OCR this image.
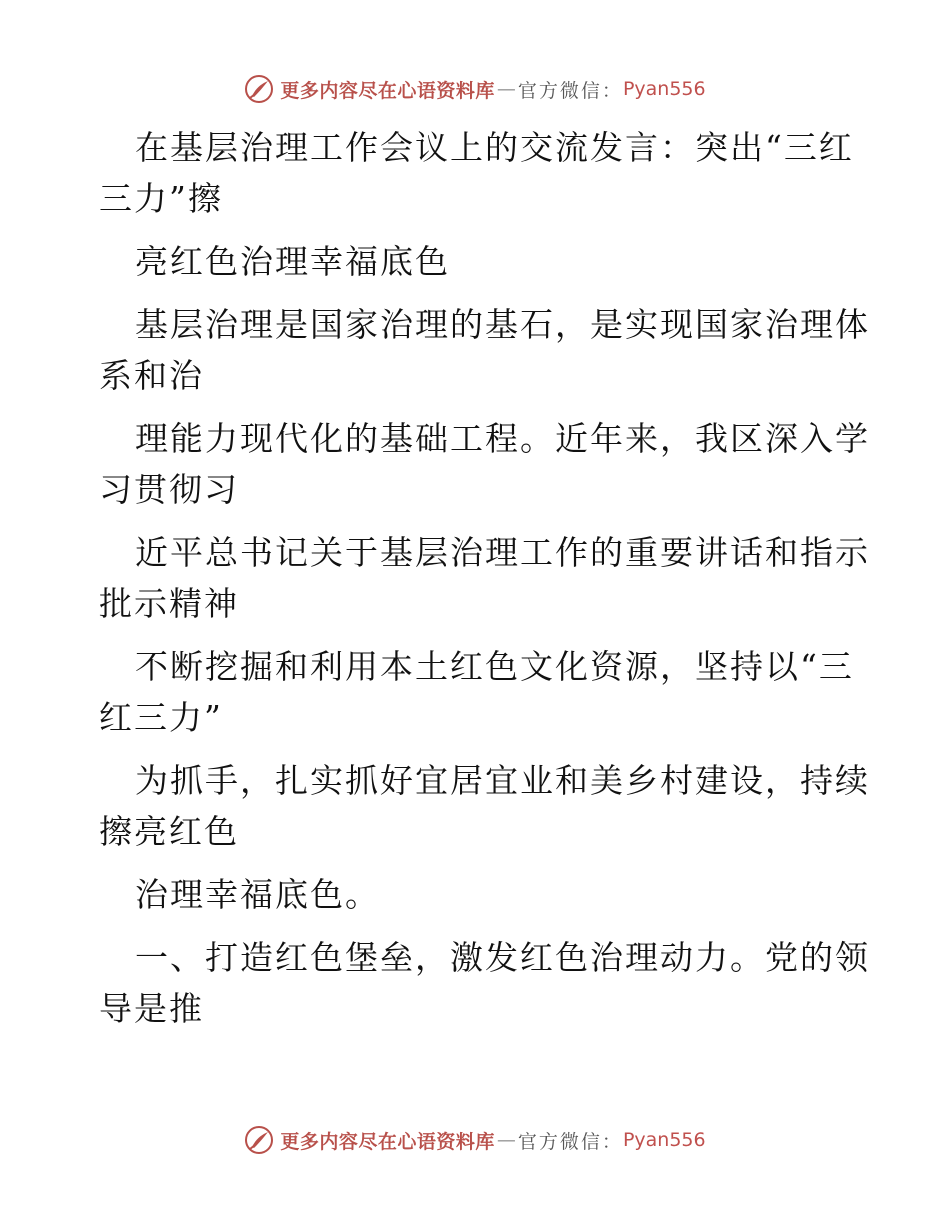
更多内容尽在心语资料库 — 官方微信： Pyan556

在基层治理工作会议上的交流发言：突出“三红
三力”擦

亮红色治理幸福底色

基层治理是国家治理的基石，是实现国家治理体
系和治

理能力现代化的基础工程。近年来，我区深入学
习贯彻习

近平总书记关于基层治理工作的重要讲话和指示
批示精神

不断挖掘和利用本土红色文化资源，坚持以“三
红三力”

为抓手，扎实抓好宜居宜业和美乡村建设，持续
擦亮红色

治理幸福底色。

一、打造红色堡垒，激发红色治理动力。党的领
导是推

更多内容尽在心语资料库 — 官方微信： Pyan556
